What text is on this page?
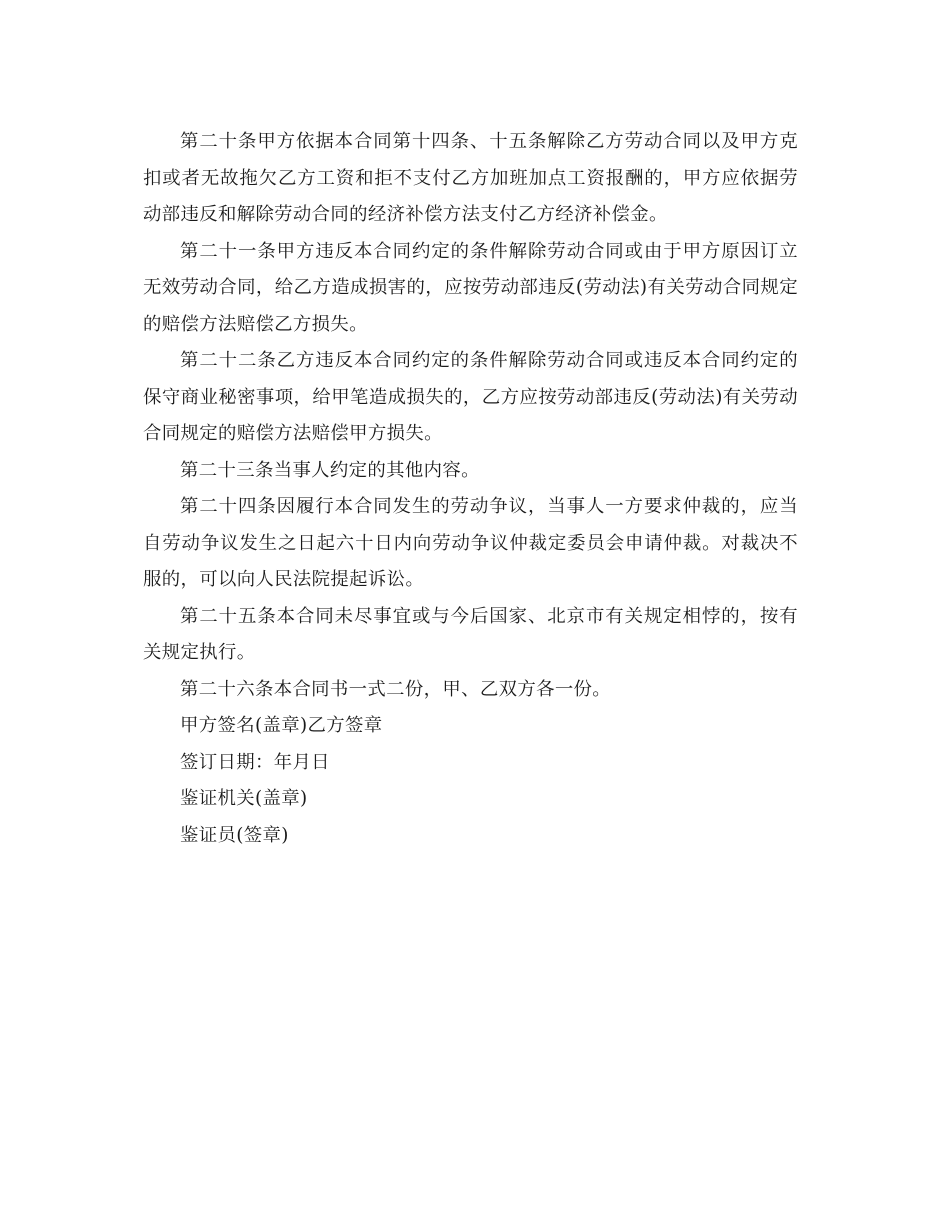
第二十条甲方依据本合同第十四条、十五条解除乙方劳动合同以及甲方克扣或者无故拖欠乙方工资和拒不支付乙方加班加点工资报酬的，甲方应依据劳动部违反和解除劳动合同的经济补偿方法支付乙方经济补偿金。

第二十一条甲方违反本合同约定的条件解除劳动合同或由于甲方原因订立无效劳动合同，给乙方造成损害的，应按劳动部违反(劳动法)有关劳动合同规定的赔偿方法赔偿乙方损失。

第二十二条乙方违反本合同约定的条件解除劳动合同或违反本合同约定的保守商业秘密事项，给甲笔造成损失的，乙方应按劳动部违反(劳动法)有关劳动合同规定的赔偿方法赔偿甲方损失。

第二十三条当事人约定的其他内容。

第二十四条因履行本合同发生的劳动争议，当事人一方要求仲裁的，应当自劳动争议发生之日起六十日内向劳动争议仲裁定委员会申请仲裁。对裁决不服的，可以向人民法院提起诉讼。

第二十五条本合同未尽事宜或与今后国家、北京市有关规定相悖的，按有关规定执行。

第二十六条本合同书一式二份，甲、乙双方各一份。

甲方签名(盖章)乙方签章

签订日期：年月日

鉴证机关(盖章)

鉴证员(签章)
